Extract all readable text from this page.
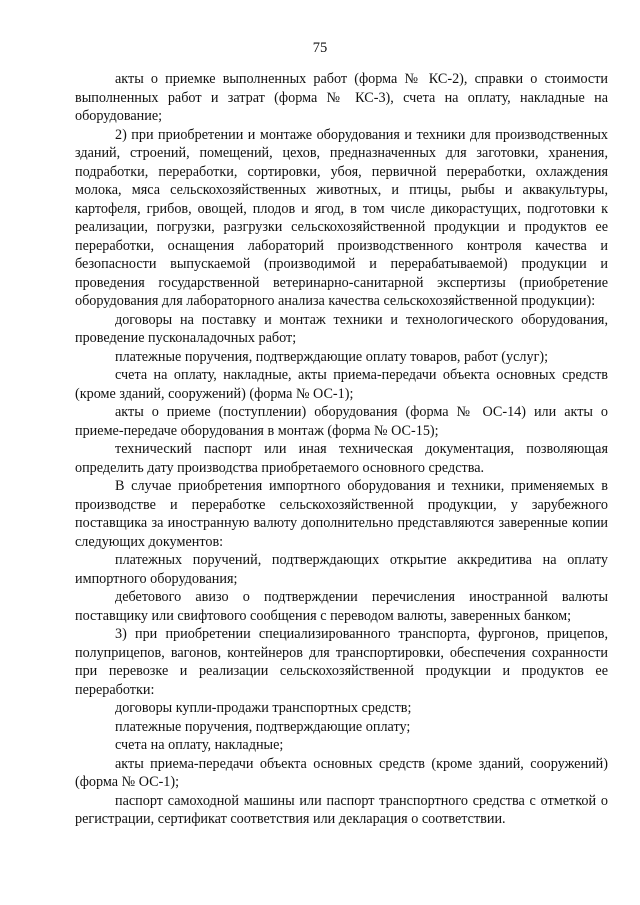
75

акты о приемке выполненных работ (форма № КС-2), справки о стоимости выполненных работ и затрат (форма № КС-3), счета на оплату, накладные на оборудование;

2) при приобретении и монтаже оборудования и техники для производственных зданий, строений, помещений, цехов, предназначенных для заготовки, хранения, подработки, переработки, сортировки, убоя, первичной переработки, охлаждения молока, мяса сельскохозяйственных животных, и птицы, рыбы и аквакультуры, картофеля, грибов, овощей, плодов и ягод, в том числе дикорастущих, подготовки к реализации, погрузки, разгрузки сельскохозяйственной продукции и продуктов ее переработки, оснащения лабораторий производственного контроля качества и безопасности выпускаемой (производимой и перерабатываемой) продукции и проведения государственной ветеринарно-санитарной экспертизы (приобретение оборудования для лабораторного анализа качества сельскохозяйственной продукции):

договоры на поставку и монтаж техники и технологического оборудования, проведение пусконаладочных работ;

платежные поручения, подтверждающие оплату товаров, работ (услуг);

счета на оплату, накладные, акты приема-передачи объекта основных средств (кроме зданий, сооружений) (форма № ОС-1);

акты о приеме (поступлении) оборудования (форма № ОС-14) или акты о приеме-передаче оборудования в монтаж (форма № ОС-15);

технический паспорт или иная техническая документация, позволяющая определить дату производства приобретаемого основного средства.

В случае приобретения импортного оборудования и техники, применяемых в производстве и переработке сельскохозяйственной продукции, у зарубежного поставщика за иностранную валюту дополнительно представляются заверенные копии следующих документов:

платежных поручений, подтверждающих открытие аккредитива на оплату импортного оборудования;

дебетового авизо о подтверждении перечисления иностранной валюты поставщику или свифтового сообщения с переводом валюты, заверенных банком;

3) при приобретении специализированного транспорта, фургонов, прицепов, полуприцепов, вагонов, контейнеров для транспортировки, обеспечения сохранности при перевозке и реализации сельскохозяйственной продукции и продуктов ее переработки:

договоры купли-продажи транспортных средств;

платежные поручения, подтверждающие оплату;

счета на оплату, накладные;

акты приема-передачи объекта основных средств (кроме зданий, сооружений) (форма № ОС-1);

паспорт самоходной машины или паспорт транспортного средства с отметкой о регистрации, сертификат соответствия или декларация о соответствии.
